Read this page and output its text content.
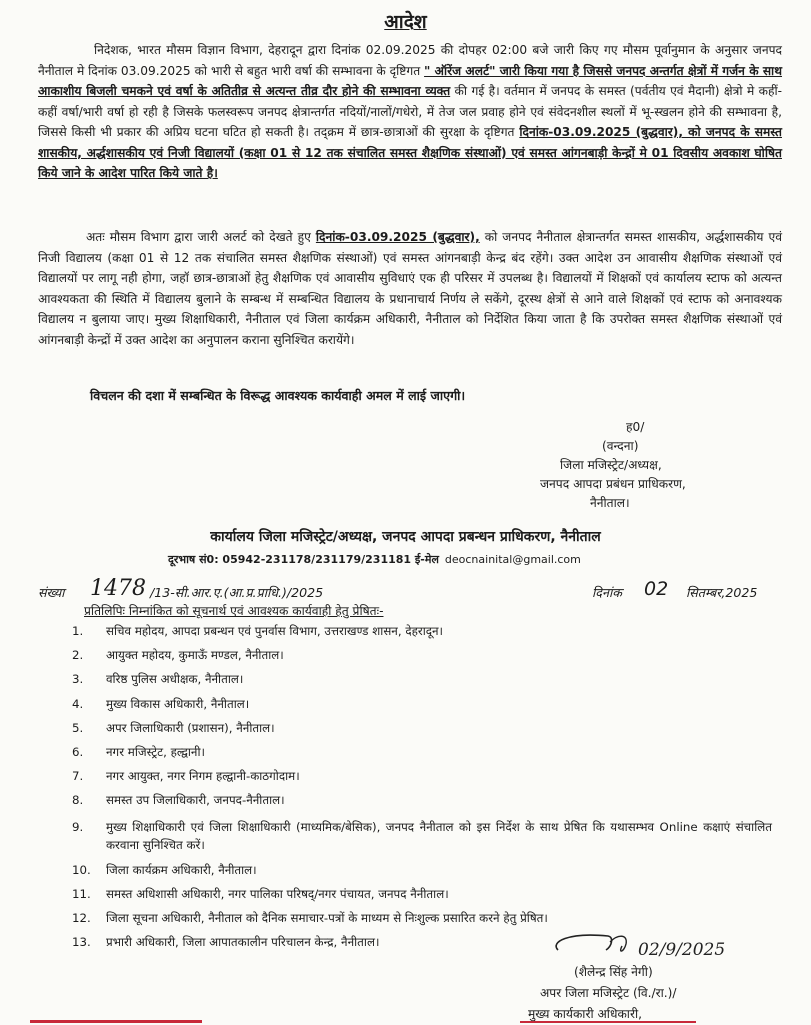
आदेश

निदेशक, भारत मौसम विज्ञान विभाग, देहरादून द्वारा दिनांक 02.09.2025 की दोपहर 02:00 बजे जारी किए गए मौसम पूर्वानुमान के अनुसार जनपद नैनीताल मे दिनांक 03.09.2025 को भारी से बहुत भारी वर्षा की सम्भावना के दृष्टिगत " ऑरेंज अलर्ट" जारी किया गया है जिससे जनपद अन्तर्गत क्षेत्रों में गर्जन के साथ आकाशीय बिजली चमकने एवं वर्षा के अतितीव्र से अत्यन्त तीव्र दौर होने की सम्भावना व्यक्त की गई है। वर्तमान में जनपद के समस्त (पर्वतीय एवं मैदानी) क्षेत्रो मे कहीं-कहीं वर्षा/भारी वर्षा हो रही है जिसके फलस्वरूप जनपद क्षेत्रान्तर्गत नदियों/नालों/गधेरो, में तेज जल प्रवाह होने एवं संवेदनशील स्थलों में भू-स्खलन होने की सम्भावना है, जिससे किसी भी प्रकार की अप्रिय घटना घटित हो सकती है। तद्क्रम में छात्र-छात्राओं की सुरक्षा के दृष्टिगत दिनांक-03.09.2025 (बुद्धवार), को जनपद के समस्त शासकीय, अर्द्धशासकीय एवं निजी विद्यालयों (कक्षा 01 से 12 तक संचालित समस्त शैक्षणिक संस्थाओं) एवं समस्त आंगनबाड़ी केन्द्रों मे 01 दिवसीय अवकाश घोषित किये जाने के आदेश पारित किये जाते है।

अतः मौसम विभाग द्वारा जारी अलर्ट को देखते हुए दिनांक-03.09.2025 (बुद्धवार), को जनपद नैनीताल क्षेत्रान्तर्गत समस्त शासकीय, अर्द्धशासकीय एवं निजी विद्यालय (कक्षा 01 से 12 तक संचालित समस्त शैक्षणिक संस्थाओं) एवं समस्त आंगनबाड़ी केन्द्र बंद रहेंगे। उक्त आदेश उन आवासीय शैक्षणिक संस्थाओं एवं विद्यालयों पर लागू नही होगा, जहॉ छात्र-छात्राओं हेतु शैक्षणिक एवं आवासीय सुविधाएं एक ही परिसर में उपलब्ध है। विद्यालयों में शिक्षकों एवं कार्यालय स्टाफ को अत्यन्त आवश्यकता की स्थिति में विद्यालय बुलाने के सम्बन्ध में सम्बन्धित विद्यालय के प्रधानाचार्य निर्णय ले सकेंगे, दूरस्थ क्षेत्रों से आने वाले शिक्षकों एवं स्टाफ को अनावश्यक विद्यालय न बुलाया जाए। मुख्य शिक्षाधिकारी, नैनीताल एवं जिला कार्यक्रम अधिकारी, नैनीताल को निर्देशित किया जाता है कि उपरोक्त समस्त शैक्षणिक संस्थाओं एवं आंगनबाड़ी केन्द्रों में उक्त आदेश का अनुपालन कराना सुनिश्चित करायेंगे।

विचलन की दशा में सम्बन्धित के विरूद्ध आवश्यक कार्यवाही अमल में लाई जाएगी।

ह0/
(वन्दना)
जिला मजिस्ट्रेट/अध्यक्ष,
जनपद आपदा प्रबंधन प्राधिकरण,
नैनीताल।
कार्यालय जिला मजिस्ट्रेट/अध्यक्ष, जनपद आपदा प्रबन्धन प्राधिकरण, नैनीताल
दूरभाष सं0: 05942-231178/231179/231181 ई-मेल deocnainital@gmail.com
संख्या 1478 /13-सी.आर.ए.(आ.प्र.प्राधि.)/2025	दिनांक 02 सितम्बर,2025
प्रतिलिपिः निम्नांकित को सूचनार्थ एवं आवश्यक कार्यवाही हेतु प्रेषितः-
1.	सचिव महोदय, आपदा प्रबन्धन एवं पुनर्वास विभाग, उत्तराखण्ड शासन, देहरादून।
2.	आयुक्त महोदय, कुमाऊँ मण्डल, नैनीताल।
3.	वरिष्ठ पुलिस अधीक्षक, नैनीताल।
4.	मुख्य विकास अधिकारी, नैनीताल।
5.	अपर जिलाधिकारी (प्रशासन), नैनीताल।
6.	नगर मजिस्ट्रेट, हल्द्वानी।
7.	नगर आयुक्त, नगर निगम हल्द्वानी-काठगोदाम।
8.	समस्त उप जिलाधिकारी, जनपद-नैनीताल।
9.	मुख्य शिक्षाधिकारी एवं जिला शिक्षाधिकारी (माध्यमिक/बेसिक), जनपद नैनीताल को इस निर्देश के साथ प्रेषित कि यथासम्भव Online कक्षाएं संचालित करवाना सुनिश्चित करें।
10.	जिला कार्यक्रम अधिकारी, नैनीताल।
11.	समस्त अधिशासी अधिकारी, नगर पालिका परिषद्/नगर पंचायत, जनपद नैनीताल।
12.	जिला सूचना अधिकारी, नैनीताल को दैनिक समाचार-पत्रों के माध्यम से निःशुल्क प्रसारित करने हेतु प्रेषित।
13.	प्रभारी अधिकारी, जिला आपातकालीन परिचालन केन्द्र, नैनीताल।	02/9/2025
(शैलेन्द्र सिंह नेगी)
अपर जिला मजिस्ट्रेट (वि./रा.)/
मुख्य कार्यकारी अधिकारी,
